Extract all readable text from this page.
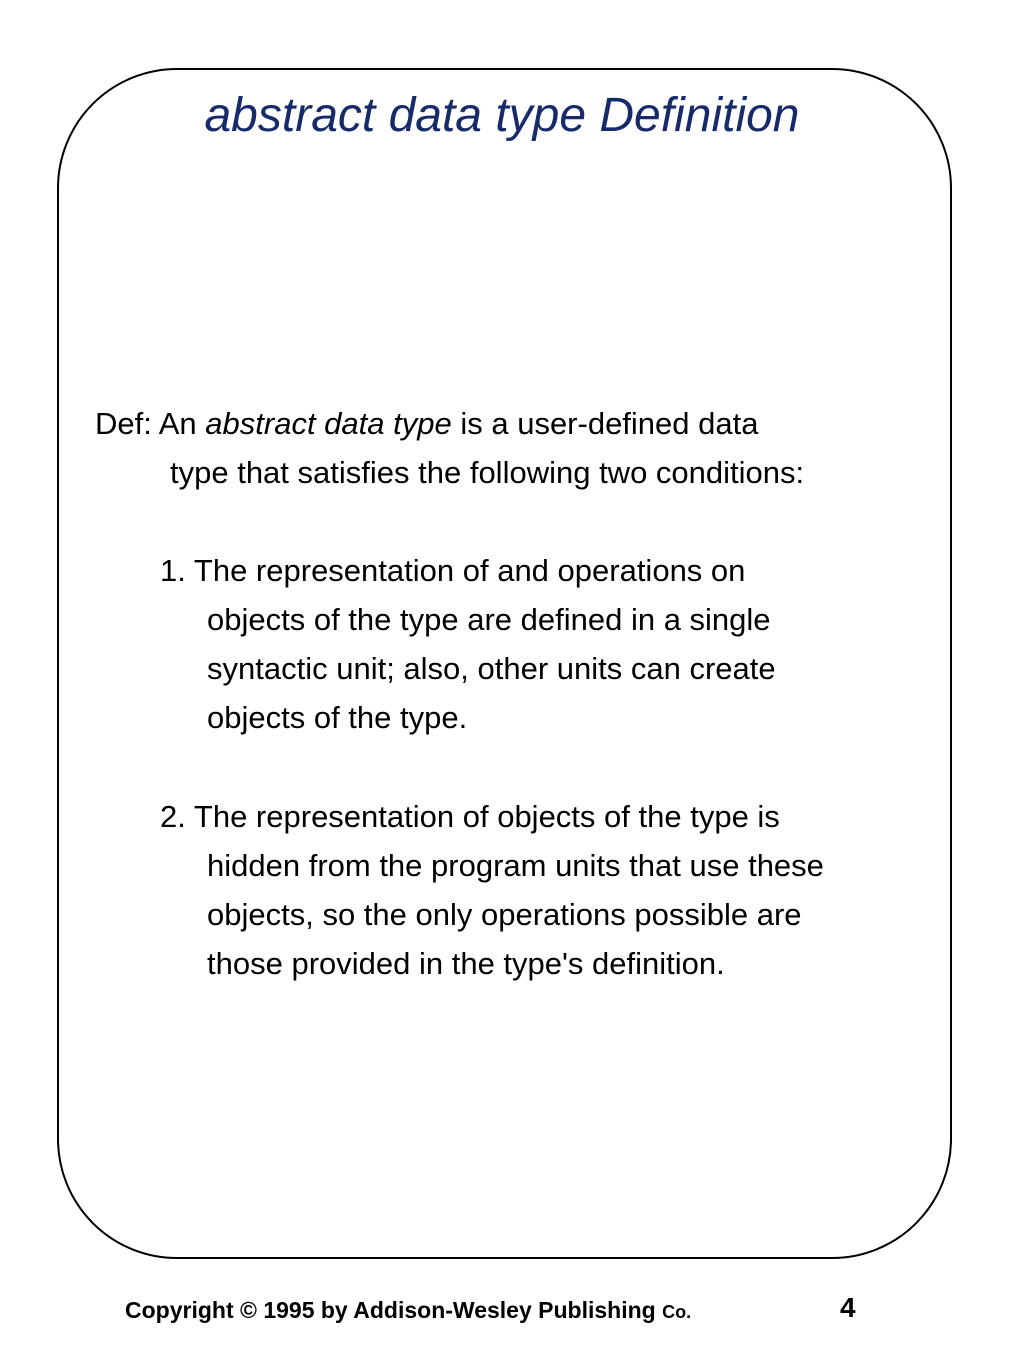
abstract data type Definition
Def: An abstract data type is a user-defined data
type that satisfies the following two conditions:
1. The representation of and operations on
objects of the type are defined in a single
syntactic unit; also, other units can create
objects of the type.
2. The representation of objects of the type is
hidden from the program units that use these
objects, so the only operations possible are
those provided in the type's definition.
Copyright © 1995 by Addison-Wesley Publishing Co.	4
